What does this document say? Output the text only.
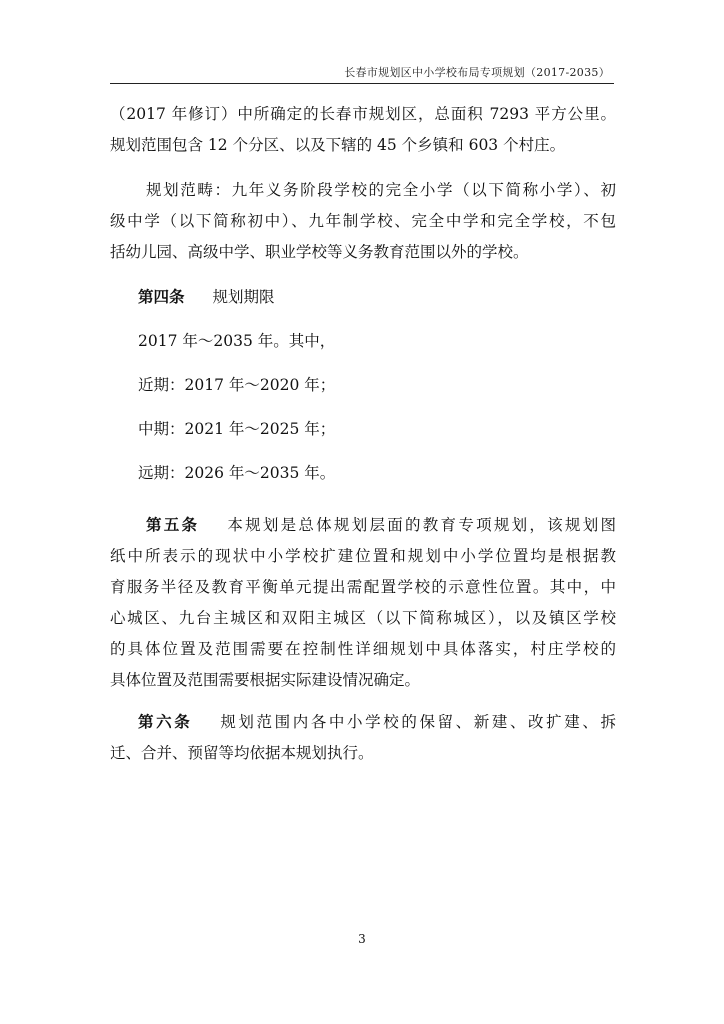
长春市规划区中小学校布局专项规划（2017-2035）
（2017 年修订）中所确定的长春市规划区，总面积 7293 平方公里。
规划范围包含 12 个分区、以及下辖的 45 个乡镇和 603 个村庄。
规划范畴：九年义务阶段学校的完全小学（以下简称小学）、初
级中学（以下简称初中）、九年制学校、完全中学和完全学校，不包
括幼儿园、高级中学、职业学校等义务教育范围以外的学校。
第四条 规划期限
2017 年～2035 年。其中，
近期：2017 年～2020 年；
中期：2021 年～2025 年；
远期：2026 年～2035 年。
第五条 本规划是总体规划层面的教育专项规划，该规划图
纸中所表示的现状中小学校扩建位置和规划中小学位置均是根据教
育服务半径及教育平衡单元提出需配置学校的示意性位置。其中，中
心城区、九台主城区和双阳主城区（以下简称城区），以及镇区学校
的具体位置及范围需要在控制性详细规划中具体落实，村庄学校的
具体位置及范围需要根据实际建设情况确定。
第六条 规划范围内各中小学校的保留、新建、改扩建、拆
迁、合并、预留等均依据本规划执行。
3
